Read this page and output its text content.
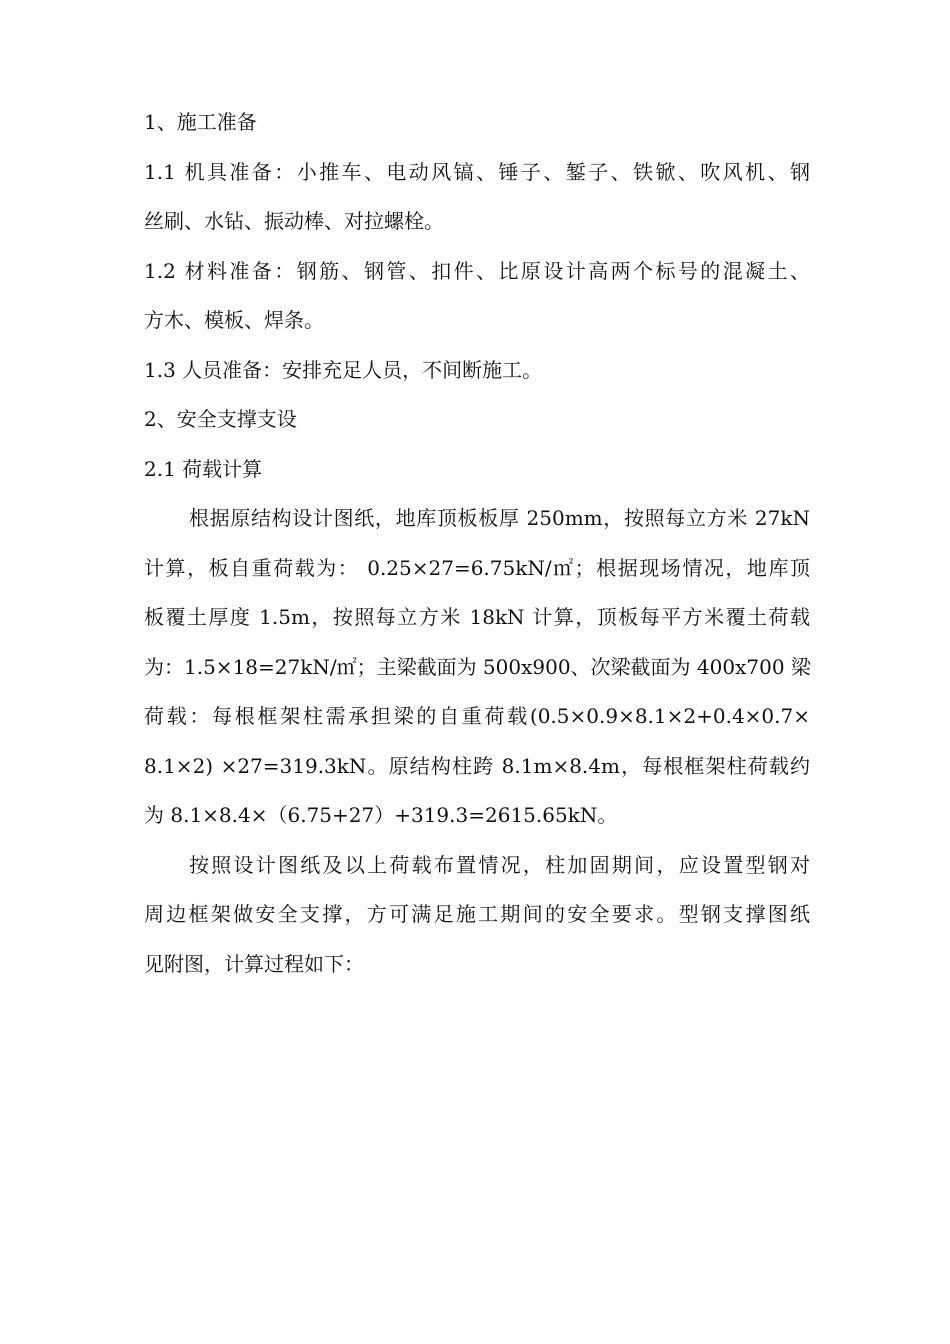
1、施工准备
1.1 机具准备：小推车、电动风镐、锤子、錾子、铁锨、吹风机、钢
丝刷、水钻、振动棒、对拉螺栓。
1.2 材料准备：钢筋、钢管、扣件、比原设计高两个标号的混凝土、
方木、模板、焊条。
1.3 人员准备：安排充足人员，不间断施工。
2、安全支撑支设
2.1 荷载计算
根据原结构设计图纸，地库顶板板厚 250mm，按照每立方米 27kN
计算，板自重荷载为： 0.25×27=6.75kN/㎡；根据现场情况，地库顶
板覆土厚度 1.5m，按照每立方米 18kN 计算，顶板每平方米覆土荷载
为：1.5×18=27kN/㎡；主梁截面为 500x900、次梁截面为 400x700 梁
荷载：每根框架柱需承担梁的自重荷载(0.5×0.9×8.1×2+0.4×0.7×
8.1×2) ×27=319.3kN。原结构柱跨 8.1m×8.4m，每根框架柱荷载约
为 8.1×8.4×（6.75+27）+319.3=2615.65kN。
按照设计图纸及以上荷载布置情况，柱加固期间，应设置型钢对
周边框架做安全支撑，方可满足施工期间的安全要求。型钢支撑图纸
见附图，计算过程如下：
